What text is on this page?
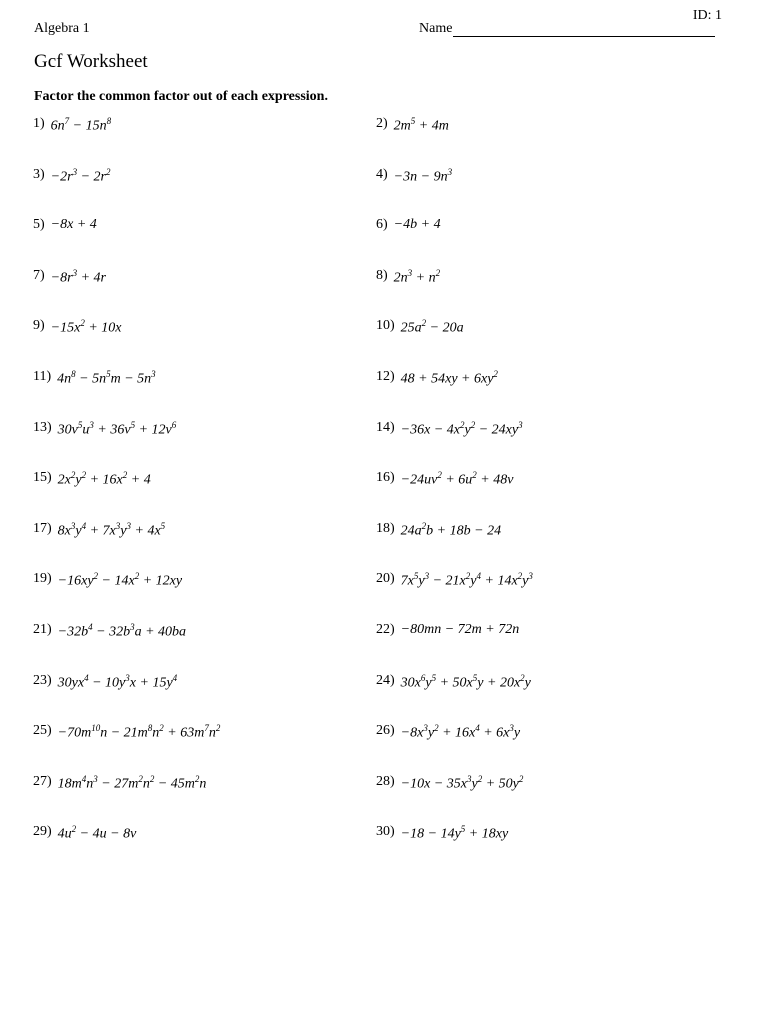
ID: 1
Algebra 1	Name
Gcf Worksheet
Factor the common factor out of each expression.
1) $6n^7 - 15n^8$	2) $2m^5 + 4m$
$3) -2r^3 - 2r^2$	$4) -3n - 9n^3$
5) −8x + 4	6) −4b + 4
$7) -8r^3 + 4r$	8) $2n^3 + n^2$
$9) -15x^2 + 10x$	10) $25a^2 - 20a$
11) $4n^8 - 5n^5m - 5n^3$	12) $48 + 54xy + 6xy^2$
13) $30v^5u^3 + 36v^5 + 12v^6$	$14) -36x - 4x^2y^2 - 24xy^3$
15) $2x^2y^2 + 16x^2 + 4$	$16) -24uv^2 + 6u^2 + 48v$
17) $8x^3y^4 + 7x^3y^3 + 4x^5$	18) $24a^2b + 18b - 24$
$19) -16xy^2 - 14x^2 + 12xy$	20) $7x^5y^3 - 21x^2y^4 + 14x^2y^3$
$21) -32b^4 - 32b^3a + 40ba$	22) −80mn − 72m + 72n
23) $30yx^4 - 10y^3x + 15y^4$	24) $30x^6y^5 + 50x^5y + 20x^2y$
$25) -70m^{10}n - 21m^8n^2 + 63m^7n^2$	$26) -8x^3y^2 + 16x^4 + 6x^3y$
27) $18m^4n^3 - 27m^2n^2 - 45m^2n$	$28) -10x - 35x^3y^2 + 50y^2$
29) $4u^2 - 4u - 8v$	$30) -18 - 14y^5 + 18xy$
